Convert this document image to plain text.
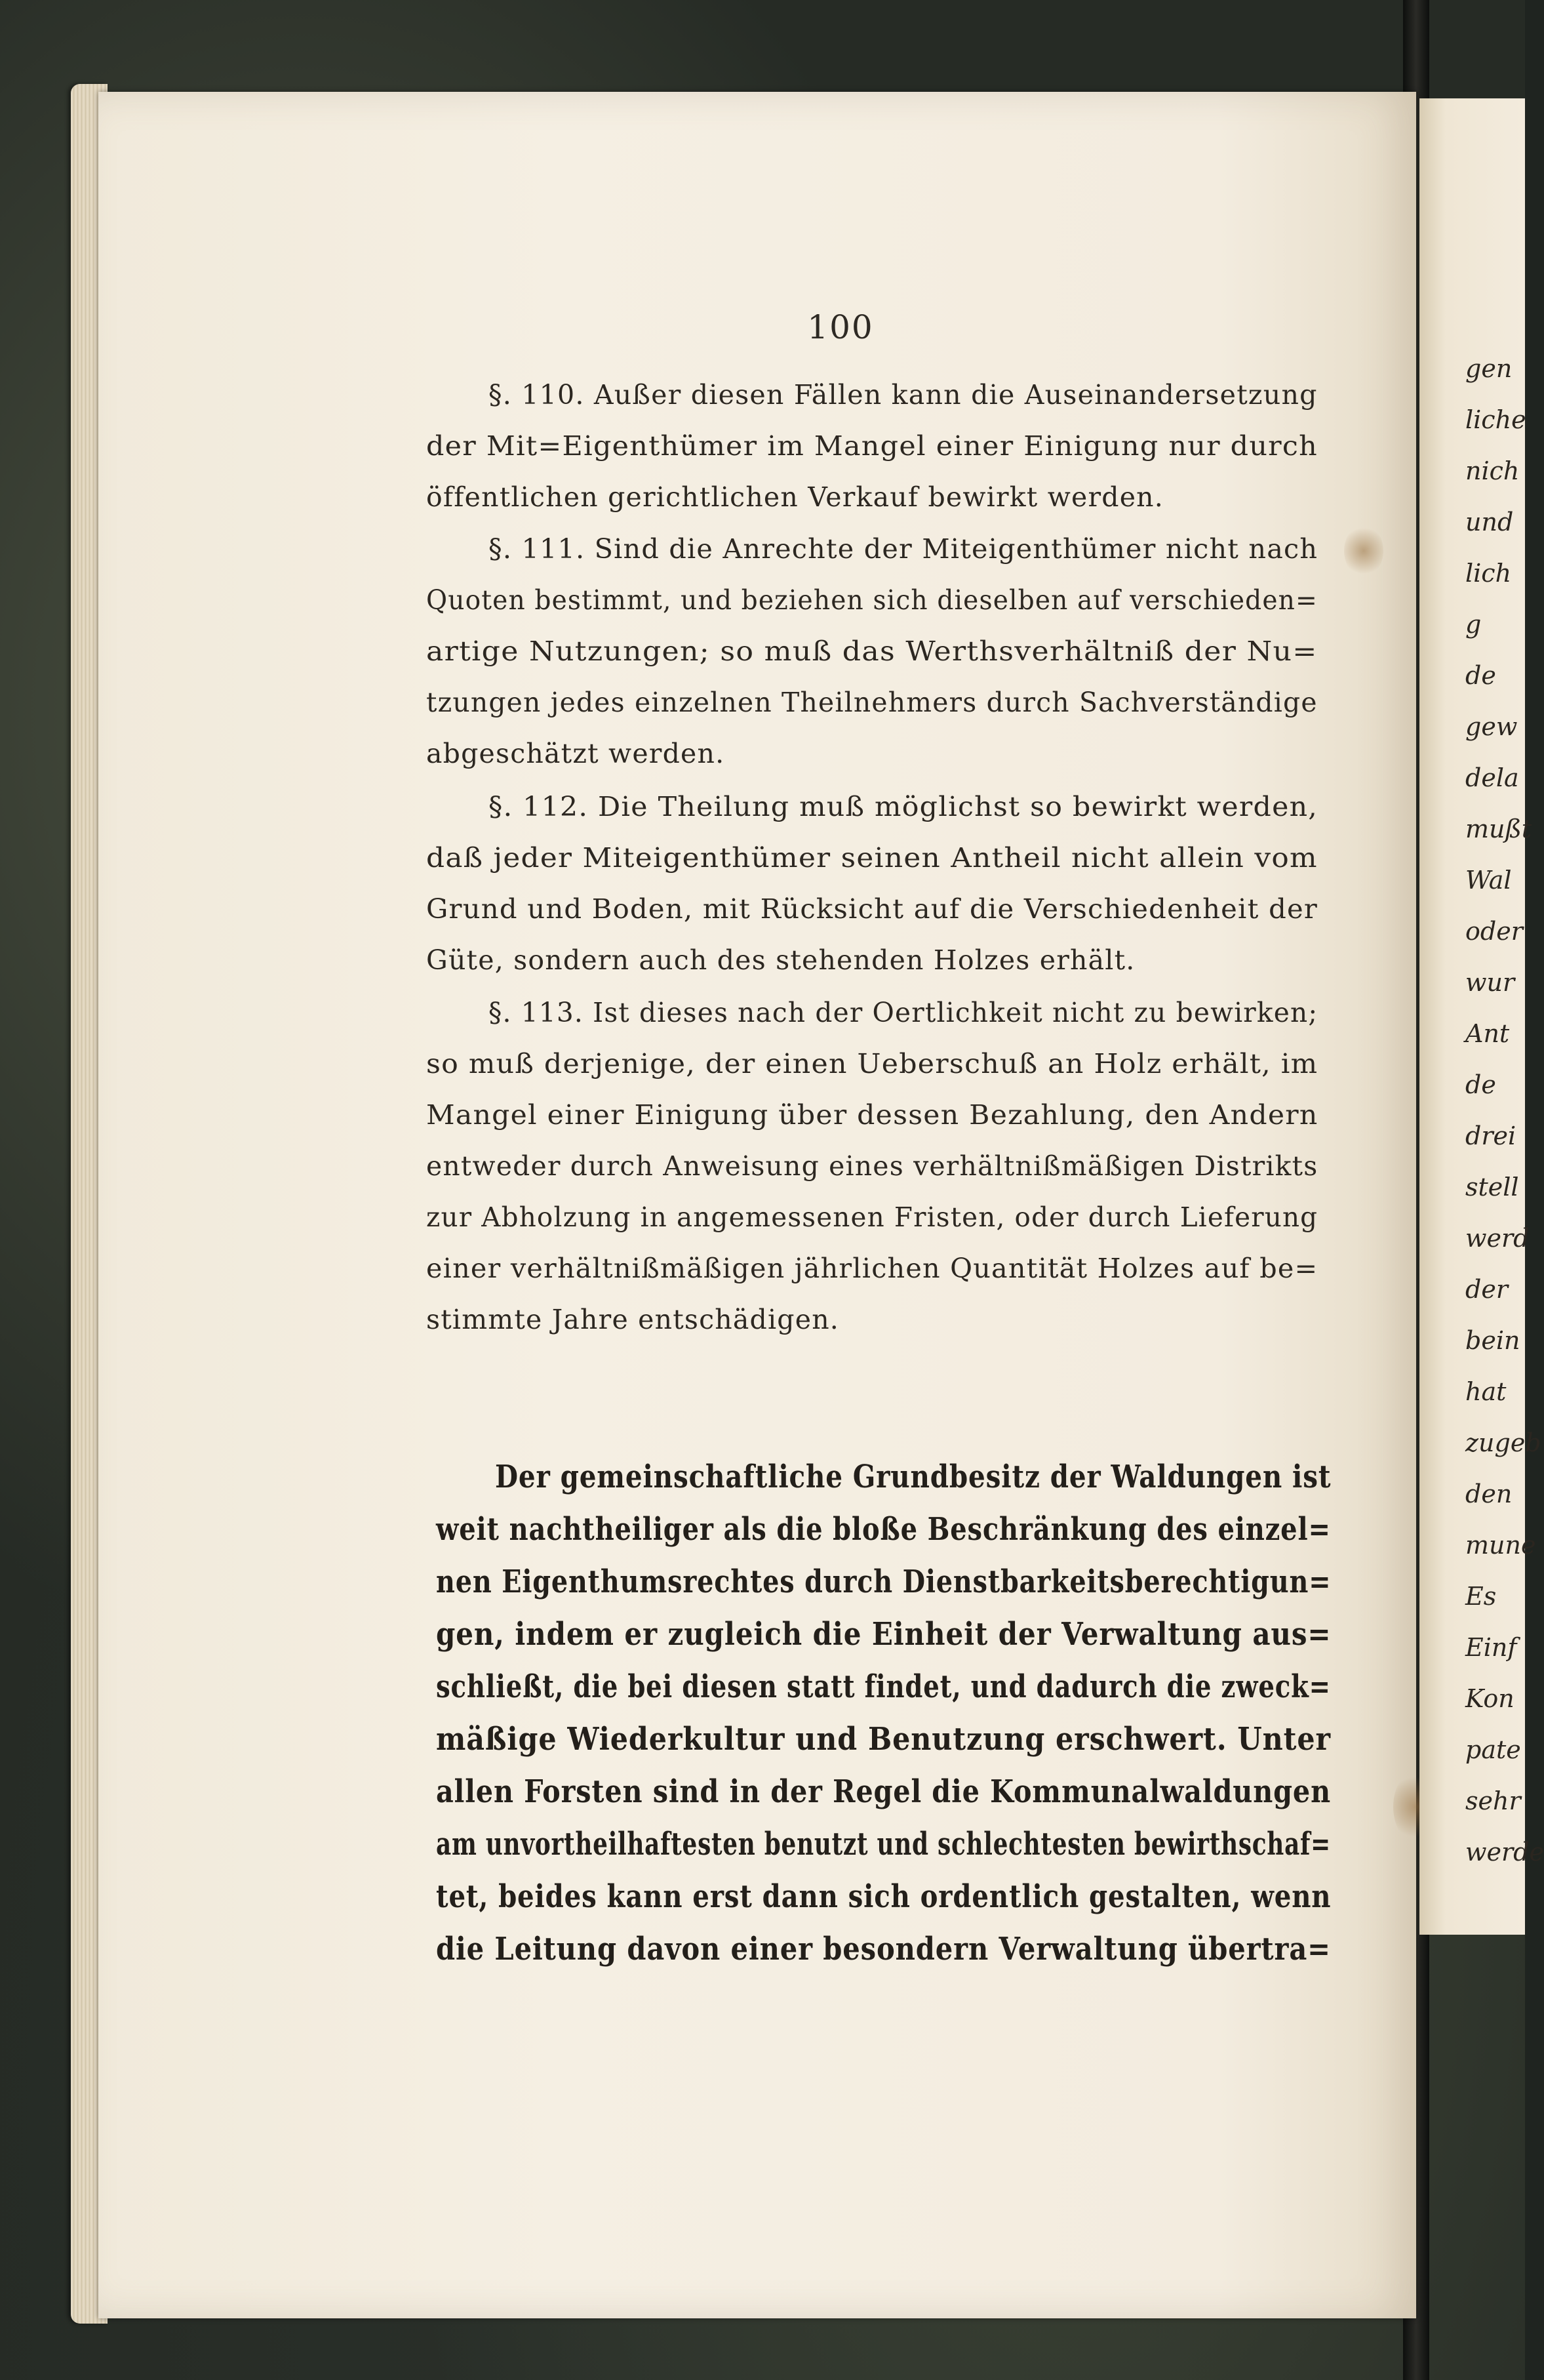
gen
liche
nich
und
lich
g
de
gew
dela
mußt
Wal
oder
wur
Ant
de
drei
stell
werd
der
bein
hat
zugeb
den
mune
Es
Einf
Kon
pate
sehr
werde
100
§. 110. Außer diesen Fällen kann die Auseinandersetzung
der Mit=Eigenthümer im Mangel einer Einigung nur durch
öffentlichen gerichtlichen Verkauf bewirkt werden.
§. 111. Sind die Anrechte der Miteigenthümer nicht nach
Quoten bestimmt, und beziehen sich dieselben auf verschieden=
artige Nutzungen; so muß das Werthsverhältniß der Nu=
tzungen jedes einzelnen Theilnehmers durch Sachverständige
abgeschätzt werden.
§. 112. Die Theilung muß möglichst so bewirkt werden,
daß jeder Miteigenthümer seinen Antheil nicht allein vom
Grund und Boden, mit Rücksicht auf die Verschiedenheit der
Güte, sondern auch des stehenden Holzes erhält.
§. 113. Ist dieses nach der Oertlichkeit nicht zu bewirken;
so muß derjenige, der einen Ueberschuß an Holz erhält, im
Mangel einer Einigung über dessen Bezahlung, den Andern
entweder durch Anweisung eines verhältnißmäßigen Distrikts
zur Abholzung in angemessenen Fristen, oder durch Lieferung
einer verhältnißmäßigen jährlichen Quantität Holzes auf be=
stimmte Jahre entschädigen.
Der gemeinschaftliche Grundbesitz der Waldungen ist
weit nachtheiliger als die bloße Beschränkung des einzel=
nen Eigenthumsrechtes durch Dienstbarkeitsberechtigun=
gen, indem er zugleich die Einheit der Verwaltung aus=
schließt, die bei diesen statt findet, und dadurch die zweck=
mäßige Wiederkultur und Benutzung erschwert. Unter
allen Forsten sind in der Regel die Kommunalwaldungen
am unvortheilhaftesten benutzt und schlechtesten bewirthschaf=
tet, beides kann erst dann sich ordentlich gestalten, wenn
die Leitung davon einer besondern Verwaltung übertra=
